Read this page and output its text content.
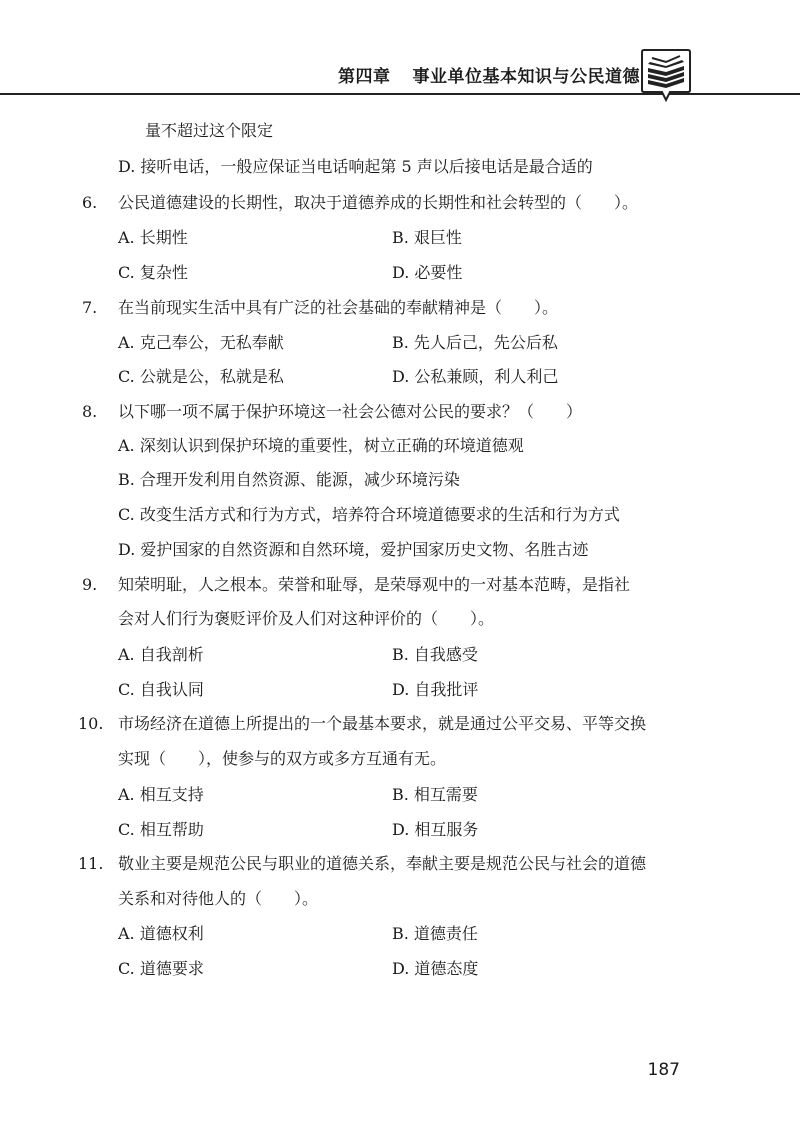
第四章 事业单位基本知识与公民道德
量不超过这个限定
D. 接听电话，一般应保证当电话响起第 5 声以后接电话是最合适的
6. 公民道德建设的长期性，取决于道德养成的长期性和社会转型的（　　）。
A. 长期性	B. 艰巨性
C. 复杂性	D. 必要性
7. 在当前现实生活中具有广泛的社会基础的奉献精神是（　　）。
A. 克己奉公，无私奉献	B. 先人后己，先公后私
C. 公就是公，私就是私	D. 公私兼顾，利人利己
8. 以下哪一项不属于保护环境这一社会公德对公民的要求？（　　）
A. 深刻认识到保护环境的重要性，树立正确的环境道德观
B. 合理开发利用自然资源、能源，减少环境污染
C. 改变生活方式和行为方式，培养符合环境道德要求的生活和行为方式
D. 爱护国家的自然资源和自然环境，爱护国家历史文物、名胜古迹
9. 知荣明耻，人之根本。荣誉和耻辱，是荣辱观中的一对基本范畴，是指社
会对人们行为褒贬评价及人们对这种评价的（　　）。
A. 自我剖析	B. 自我感受
C. 自我认同	D. 自我批评
10. 市场经济在道德上所提出的一个最基本要求，就是通过公平交易、平等交换
实现（　　），使参与的双方或多方互通有无。
A. 相互支持	B. 相互需要
C. 相互帮助	D. 相互服务
11. 敬业主要是规范公民与职业的道德关系，奉献主要是规范公民与社会的道德
关系和对待他人的（　　）。
A. 道德权利	B. 道德责任
C. 道德要求	D. 道德态度
187
